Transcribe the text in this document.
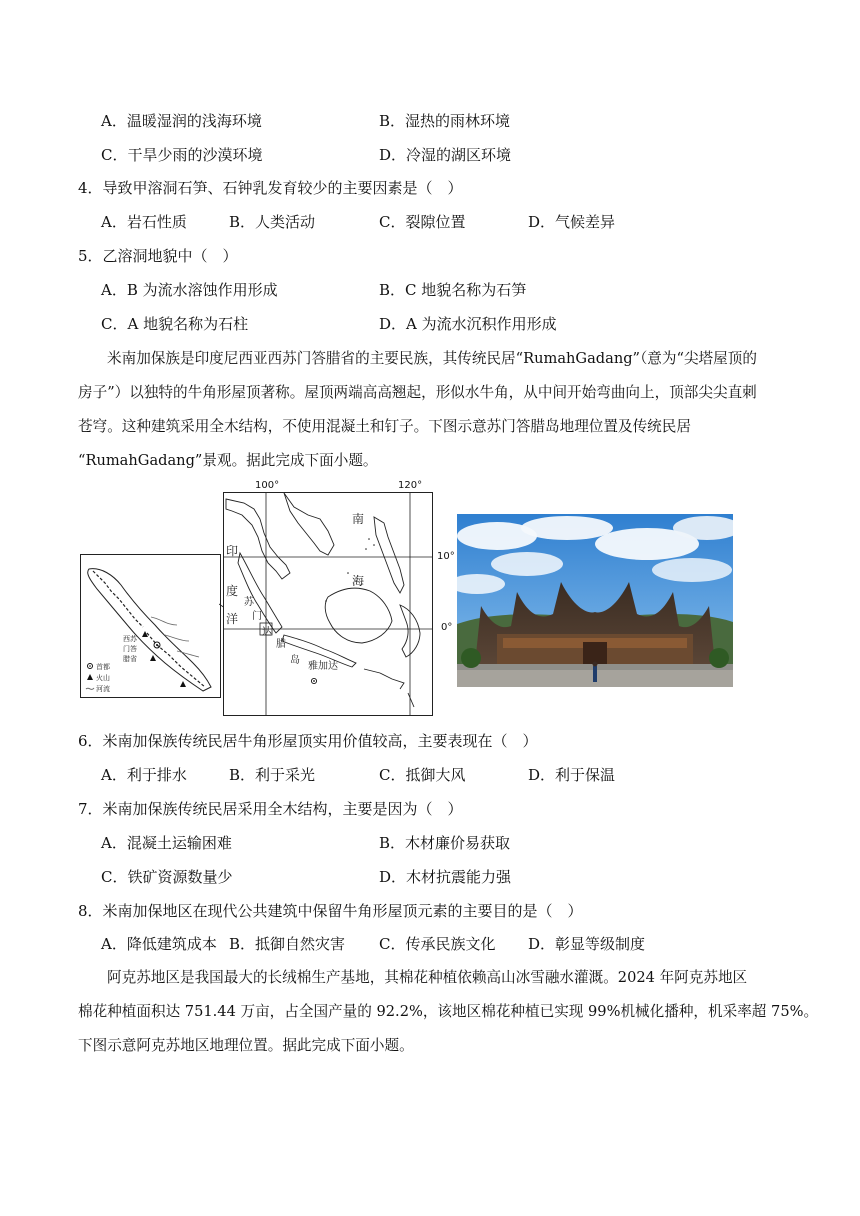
A．温暖湿润的浅海环境	B．湿热的雨林环境
C．干旱少雨的沙漠环境	D．冷湿的湖区环境
4．导致甲溶洞石笋、石钟乳发育较少的主要因素是（　）
A．岩石性质	B．人类活动	C．裂隙位置	D．气候差异
5．乙溶洞地貌中（　）
A．B 为流水溶蚀作用形成	B．C 地貌名称为石笋
C．A 地貌名称为石柱	D．A 为流水沉积作用形成
米南加保族是印度尼西亚西苏门答腊省的主要民族，其传统民居“RumahGadang”（意为“尖塔屋顶的
房子”）以独特的牛角形屋顶著称。屋顶两端高高翘起，形似水牛角，从中间开始弯曲向上，顶部尖尖直刺
苍穹。这种建筑采用全木结构，不使用混凝土和钉子。下图示意苏门答腊岛地理位置及传统民居
“RumahGadang”景观。据此完成下面小题。
西苏
门答
腊省
首都
火山
河流
南
海
印
度
洋
苏
门
达
腊
岛
雅加达
100°	120°
10°
0°
6．米南加保族传统民居牛角形屋顶实用价值较高，主要表现在（　）
A．利于排水	B．利于采光	C．抵御大风	D．利于保温
7．米南加保族传统民居采用全木结构，主要是因为（　）
A．混凝土运输困难	B．木材廉价易获取
C．铁矿资源数量少	D．木材抗震能力强
8．米南加保地区在现代公共建筑中保留牛角形屋顶元素的主要目的是（　）
A．降低建筑成本 B．抵御自然灾害 C．传承民族文化 D．彰显等级制度
阿克苏地区是我国最大的长绒棉生产基地，其棉花种植依赖高山冰雪融水灌溉。2024 年阿克苏地区
棉花种植面积达 751.44 万亩，占全国产量的 92.2%，该地区棉花种植已实现 99%机械化播种，机采率超 75%。
下图示意阿克苏地区地理位置。据此完成下面小题。
